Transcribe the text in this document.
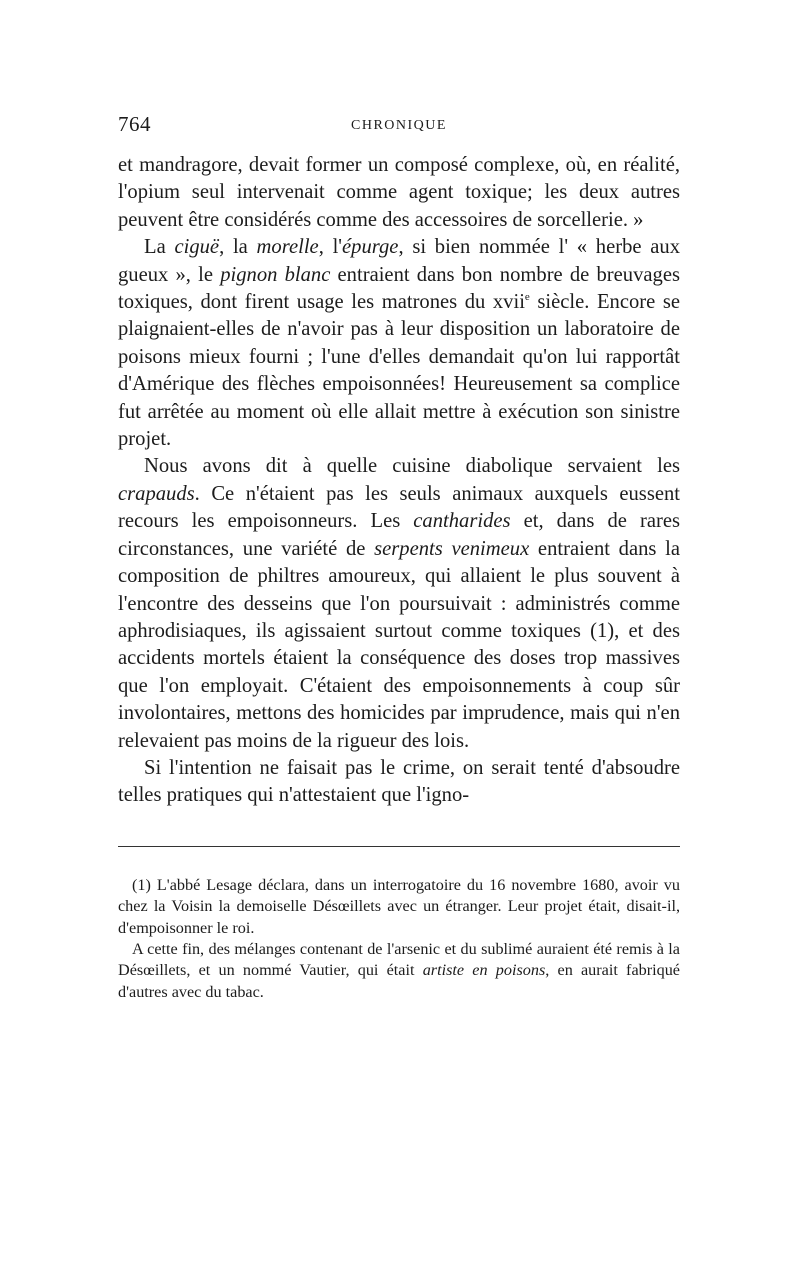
764	CHRONIQUE

et mandragore, devait former un composé complexe, où, en réalité, l'opium seul intervenait comme agent toxique; les deux autres peuvent être considérés comme des accessoires de sorcellerie. »

La ciguë, la morelle, l'épurge, si bien nommée l' « herbe aux gueux », le pignon blanc entraient dans bon nombre de breuvages toxiques, dont firent usage les matrones du xvii$^e$ siècle. Encore se plaignaient-elles de n'avoir pas à leur disposition un laboratoire de poisons mieux fourni ; l'une d'elles demandait qu'on lui rapportât d'Amérique des flèches empoisonnées! Heureusement sa complice fut arrêtée au moment où elle allait mettre à exécution son sinistre projet.

Nous avons dit à quelle cuisine diabolique servaient les crapauds. Ce n'étaient pas les seuls animaux auxquels eussent recours les empoisonneurs. Les cantharides et, dans de rares circonstances, une variété de serpents venimeux entraient dans la composition de philtres amoureux, qui allaient le plus souvent à l'encontre des desseins que l'on poursuivait : administrés comme aphrodisiaques, ils agissaient surtout comme toxiques (1), et des accidents mortels étaient la conséquence des doses trop massives que l'on employait. C'étaient des empoisonnements à coup sûr involontaires, mettons des homicides par imprudence, mais qui n'en relevaient pas moins de la rigueur des lois.

Si l'intention ne faisait pas le crime, on serait tenté d'absoudre telles pratiques qui n'attestaient que l'igno-

(1) L'abbé Lesage déclara, dans un interrogatoire du 16 novembre 1680, avoir vu chez la Voisin la demoiselle Désœillets avec un étranger. Leur projet était, disait-il, d'empoisonner le roi.

A cette fin, des mélanges contenant de l'arsenic et du sublimé auraient été remis à la Désœillets, et un nommé Vautier, qui était artiste en poisons, en aurait fabriqué d'autres avec du tabac.
